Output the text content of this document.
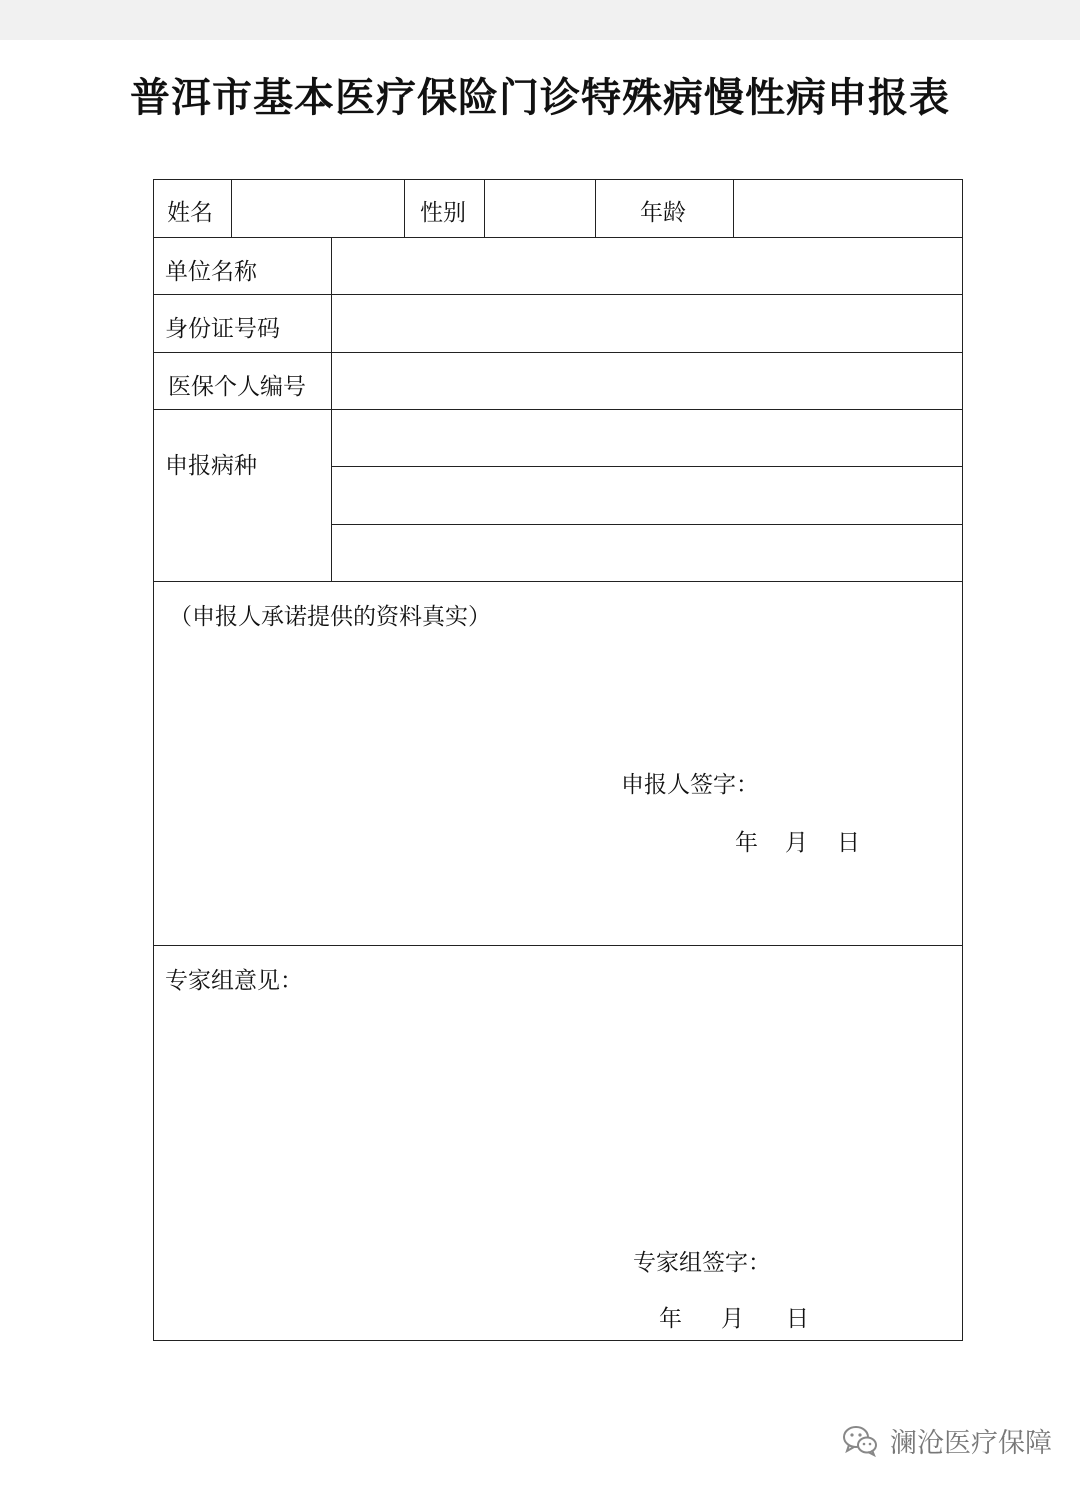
普洱市基本医疗保险门诊特殊病慢性病申报表
姓名	性别	年龄
单位名称
身份证号码
医保个人编号
申报病种
（申报人承诺提供的资料真实）
申报人签字：
年 月 日
专家组意见：
专家组签字：
年 月 日
澜沧医疗保障
